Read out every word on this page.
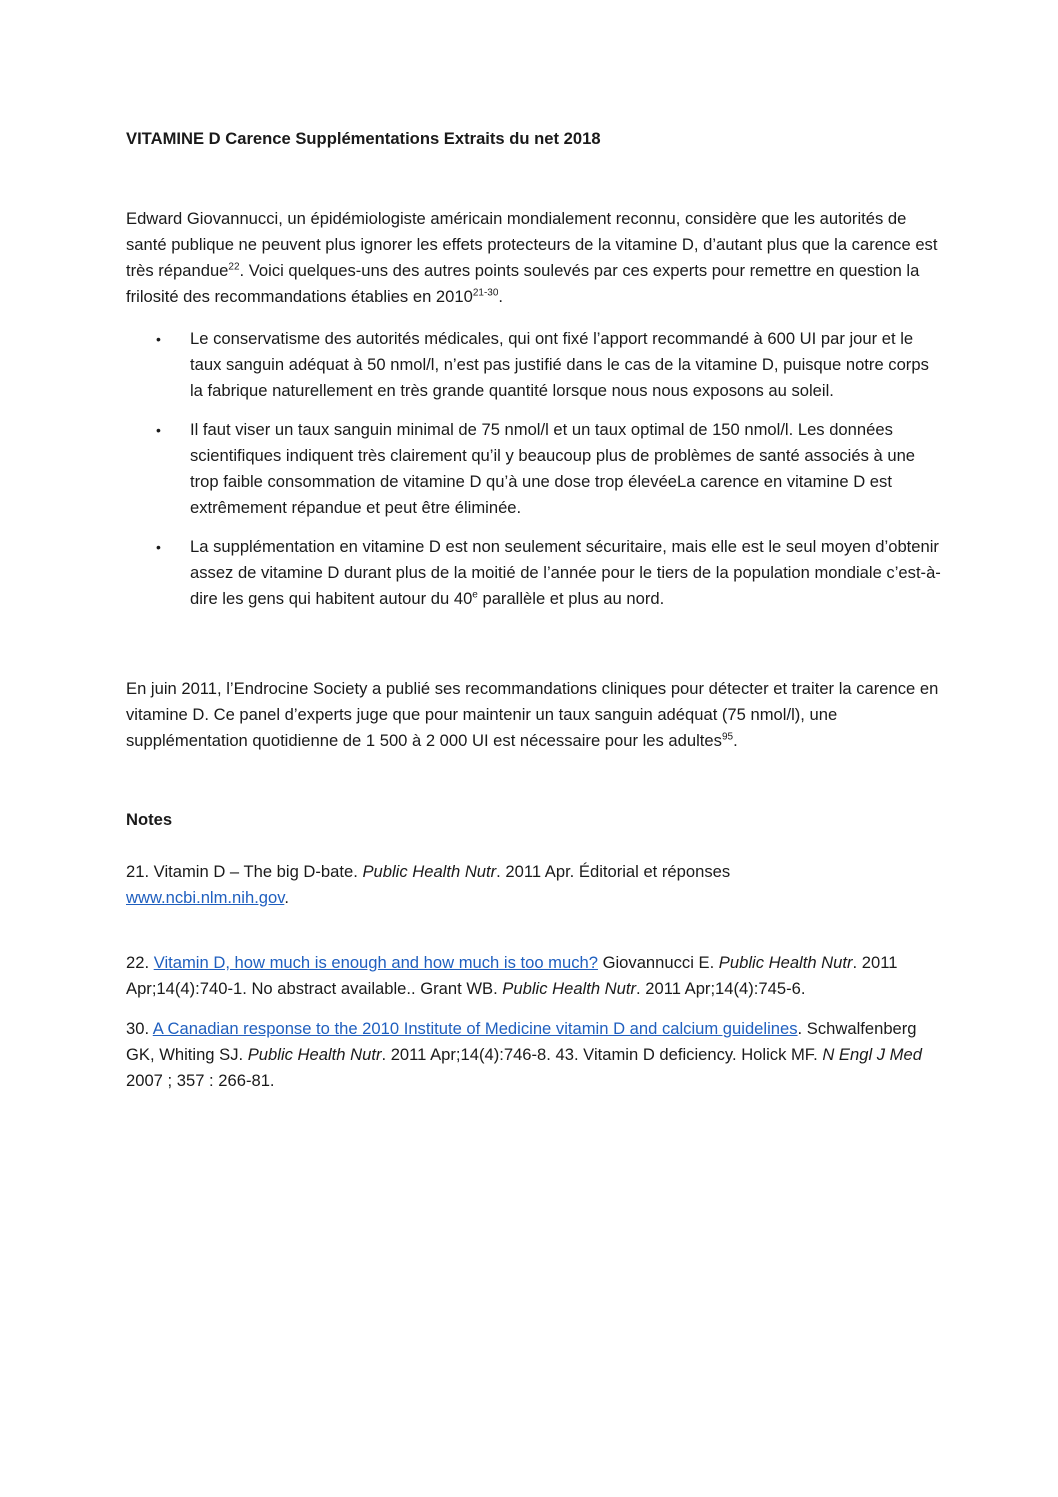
VITAMINE D Carence Supplémentations Extraits du net 2018

Edward Giovannucci, un épidémiologiste américain mondialement reconnu, considère que les autorités de santé publique ne peuvent plus ignorer les effets protecteurs de la vitamine D, d’autant plus que la carence est très répandue$^{22}$. Voici quelques-uns des autres points soulevés par ces experts pour remettre en question la frilosité des recommandations établies en 2010$^{21-30}$.

• Le conservatisme des autorités médicales, qui ont fixé l’apport recommandé à 600 UI par jour et le taux sanguin adéquat à 50 nmol/l, n’est pas justifié dans le cas de la vitamine D, puisque notre corps la fabrique naturellement en très grande quantité lorsque nous nous exposons au soleil.
• Il faut viser un taux sanguin minimal de 75 nmol/l et un taux optimal de 150 nmol/l. Les données scientifiques indiquent très clairement qu’il y beaucoup plus de problèmes de santé associés à une trop faible consommation de vitamine D qu’à une dose trop élevéeLa carence en vitamine D est extrêmement répandue et peut être éliminée.
• La supplémentation en vitamine D est non seulement sécuritaire, mais elle est le seul moyen d’obtenir assez de vitamine D durant plus de la moitié de l’année pour le tiers de la population mondiale c’est-à-dire les gens qui habitent autour du 40e parallèle et plus au nord.

En juin 2011, l’Endrocine Society a publié ses recommandations cliniques pour détecter et traiter la carence en vitamine D. Ce panel d’experts juge que pour maintenir un taux sanguin adéquat (75 nmol/l), une supplémentation quotidienne de 1 500 à 2 000 UI est nécessaire pour les adultes$^{95}$.

Notes

21. Vitamin D – The big D-bate. Public Health Nutr. 2011 Apr. Éditorial et réponses
www.ncbi.nlm.nih.gov.

22. Vitamin D, how much is enough and how much is too much? Giovannucci E. Public Health Nutr. 2011 Apr;14(4):740-1. No abstract available.. Grant WB. Public Health Nutr. 2011 Apr;14(4):745-6.

30. A Canadian response to the 2010 Institute of Medicine vitamin D and calcium guidelines. Schwalfenberg GK, Whiting SJ. Public Health Nutr. 2011 Apr;14(4):746-8. 43. Vitamin D deficiency. Holick MF. N Engl J Med 2007 ; 357 : 266-81.
